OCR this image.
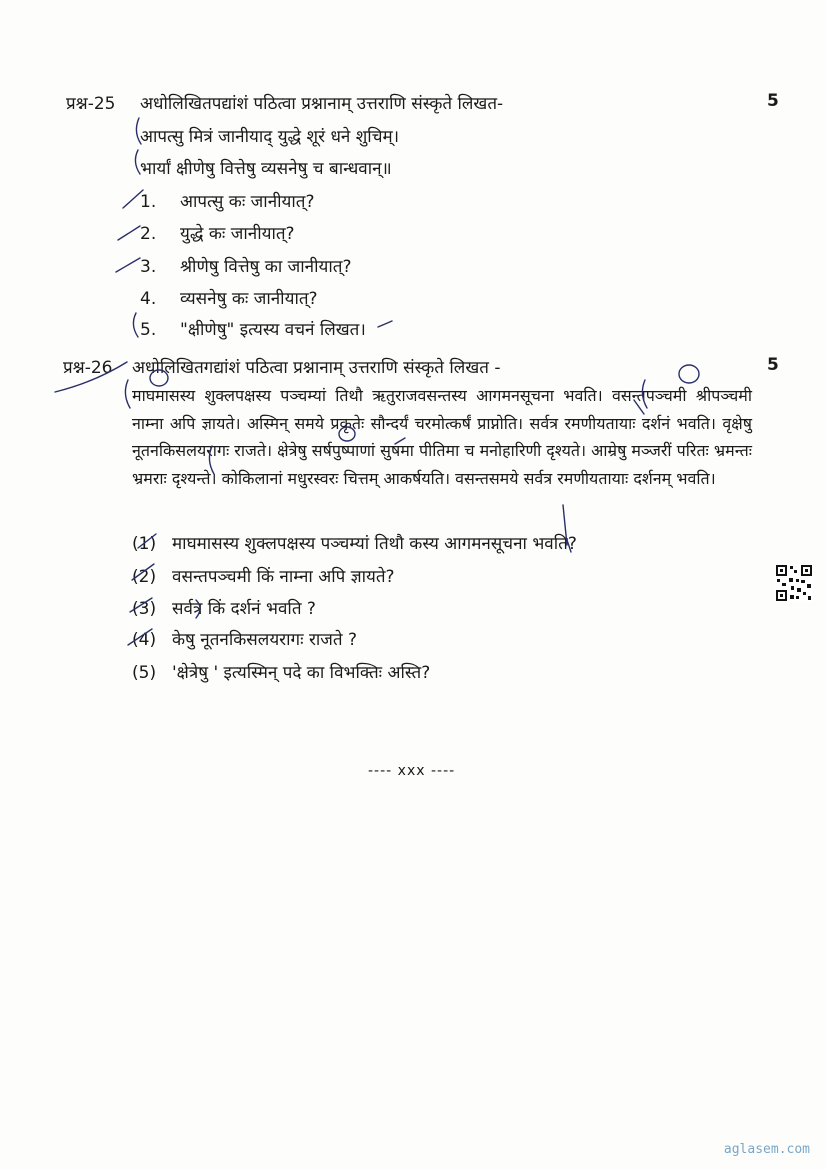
प्रश्न-25 अधोलिखितपद्यांशं पठित्वा प्रश्नानाम् उत्तराणि संस्कृते लिखत-	5
आपत्सु मित्रं जानीयाद् युद्धे शूरं धने शुचिम्।
भार्यां क्षीणेषु वित्तेषु व्यसनेषु च बान्धवान्॥
1. आपत्सु कः जानीयात्?
2. युद्धे कः जानीयात्?
3. श्रीणेषु वित्तेषु का जानीयात्?
4. व्यसनेषु कः जानीयात्?
5. "क्षीणेषु" इत्यस्य वचनं लिखत।
प्रश्न-26 अधोलिखितगद्यांशं पठित्वा प्रश्नानाम् उत्तराणि संस्कृते लिखत -	5
माघमासस्य शुक्लपक्षस्य पञ्चम्यां तिथौ ऋतुराजवसन्तस्य आगमनसूचना भवति। वसन्तपञ्चमी श्रीपञ्चमी नाम्ना अपि ज्ञायते। अस्मिन् समये प्रकृतेः सौन्दर्यं चरमोत्कर्षं प्राप्नोति। सर्वत्र रमणीयतायाः दर्शनं भवति। वृक्षेषु नूतनकिसलयरागः राजते। क्षेत्रेषु सर्षपुष्पाणां सुषमा पीतिमा च मनोहारिणी दृश्यते। आम्रेषु मञ्जरीं परितः भ्रमन्तः भ्रमराः दृश्यन्ते। कोकिलानां मधुरस्वरः चित्तम् आकर्षयति। वसन्तसमये सर्वत्र रमणीयतायाः दर्शनम् भवति।
(1) माघमासस्य शुक्लपक्षस्य पञ्चम्यां तिथौ कस्य आगमनसूचना भवति?
(2) वसन्तपञ्चमी किं नाम्ना अपि ज्ञायते?
(3) सर्वत्र किं दर्शनं भवति ?
(4) केषु नूतनकिसलयरागः राजते ?
(5) 'क्षेत्रेषु ' इत्यस्मिन् पदे का विभक्तिः अस्ति?
---- xxx ----
aglasem.com
